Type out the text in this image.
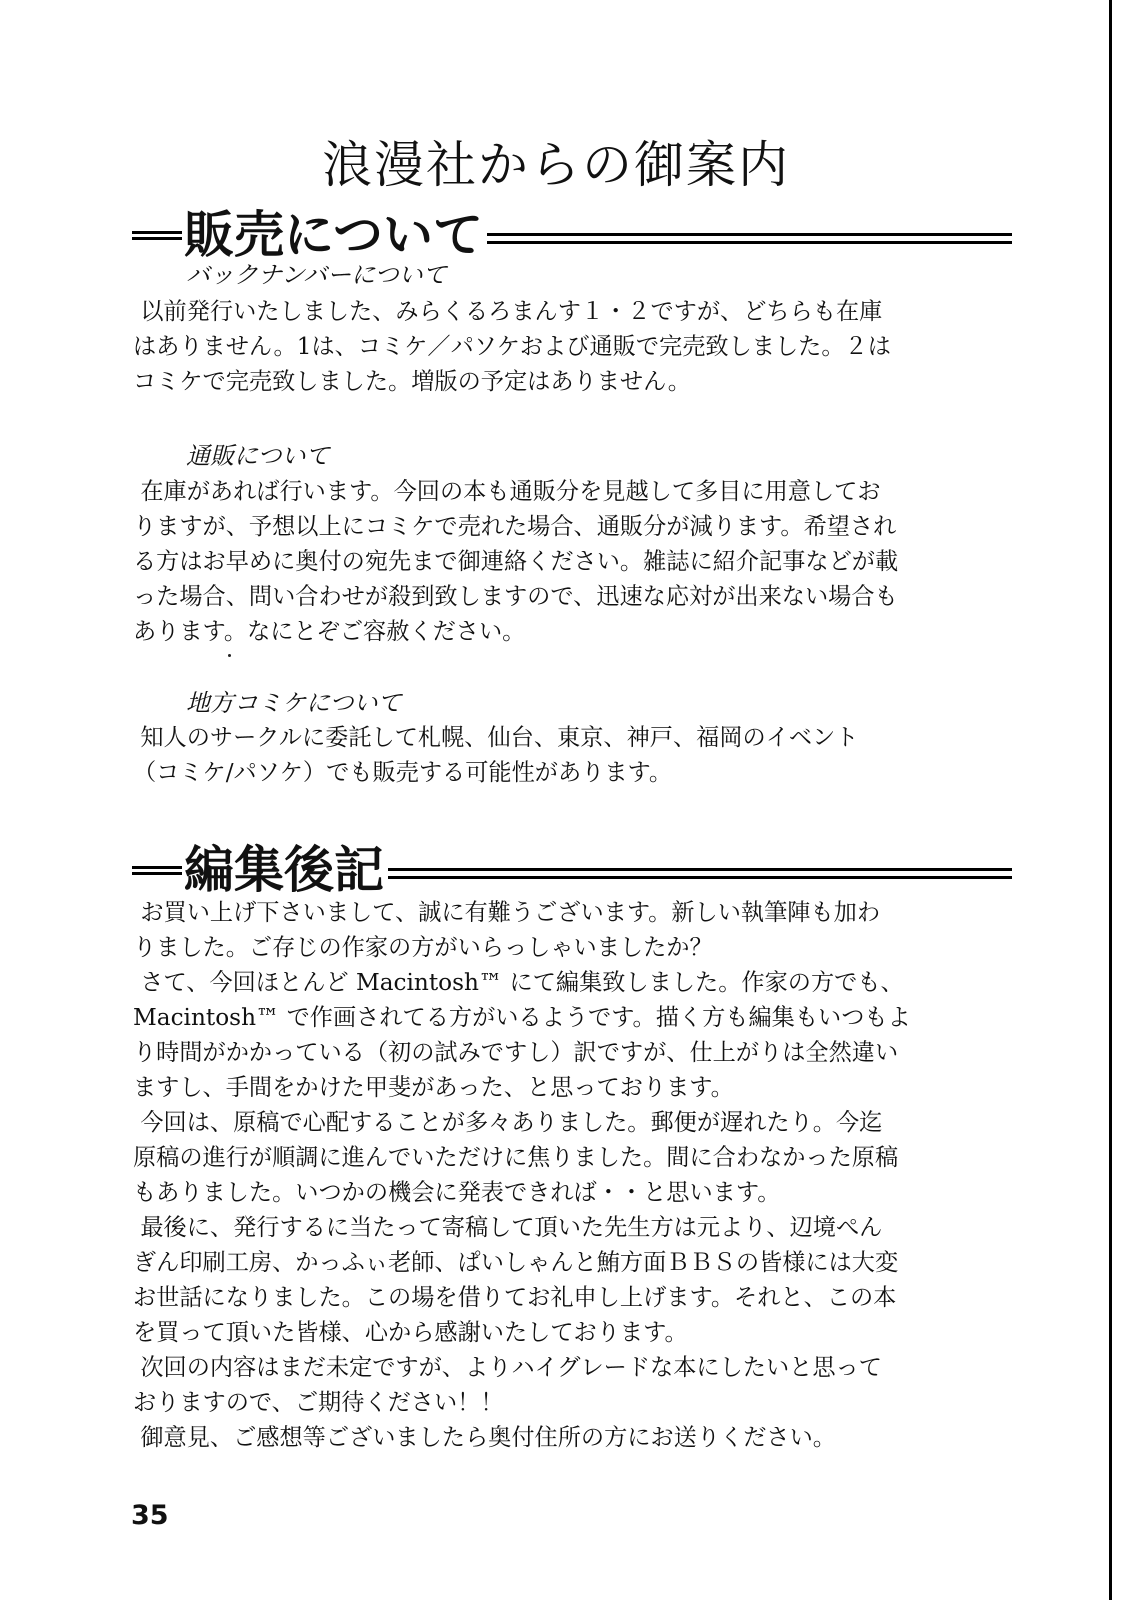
浪漫社からの御案内
販売について
バックナンバーについて

以前発行いたしました、みらくるろまんす１・２ですが、どちらも在庫
はありません。1は、コミケ／パソケおよび通販で完売致しました。２は
コミケで完売致しました。増版の予定はありません。

通販について

在庫があれば行います。今回の本も通販分を見越して多目に用意してお
りますが、予想以上にコミケで売れた場合、通販分が減ります。希望され
る方はお早めに奥付の宛先まで御連絡ください。雑誌に紹介記事などが載
った場合、問い合わせが殺到致しますので、迅速な応対が出来ない場合も
あります。なにとぞご容赦ください。

地方コミケについて

知人のサークルに委託して札幌、仙台、東京、神戸、福岡のイベント
（コミケ/パソケ）でも販売する可能性があります。

編集後記

お買い上げ下さいまして、誠に有難うございます。新しい執筆陣も加わ
りました。ご存じの作家の方がいらっしゃいましたか？
さて、今回ほとんど Macintosh™ にて編集致しました。作家の方でも、
Macintosh™ で作画されてる方がいるようです。描く方も編集もいつもよ
り時間がかかっている（初の試みですし）訳ですが、仕上がりは全然違い
ますし、手間をかけた甲斐があった、と思っております。
今回は、原稿で心配することが多々ありました。郵便が遅れたり。今迄
原稿の進行が順調に進んでいただけに焦りました。間に合わなかった原稿
もありました。いつかの機会に発表できれば・・と思います。
最後に、発行するに当たって寄稿して頂いた先生方は元より、辺境ぺん
ぎん印刷工房、かっふぃ老師、ぱいしゃんと鮪方面ＢＢＳの皆様には大変
お世話になりました。この場を借りてお礼申し上げます。それと、この本
を買って頂いた皆様、心から感謝いたしております。
次回の内容はまだ未定ですが、よりハイグレードな本にしたいと思って
おりますので、ご期待ください！！
御意見、ご感想等ございましたら奥付住所の方にお送りください。

35
